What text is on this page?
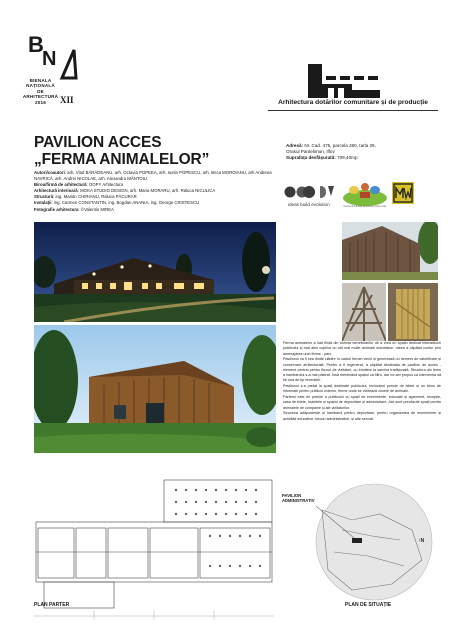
B
N
BIENALA
NAȚIONALĂ
DE
ARHITECTURĂ
2016	XII	Arhitectura dotărilor comunitare și de producție
PAVILION ACCES
„FERMA ANIMALELOR”
Autori/coautori: arh. Vlad BĂRĂDEANU, arh. Octavia POPEEA, arh. Iustin POPESCU, arh. Bnca MOROIANU, arh Andreea NAVRICĂ, arh. Andrei NICOLAE, arh. Alexandru MÂNTOIU
Birou/firmă de arhitectură: OOPY Arhitectura
Arhitectură interioară: MOKA STUDIO DESIGN, arh. Maria MORARU, arh. Raluca NICULICA
Structură: ing. Marian CHIRIANU, Raluca PĂCURAR
Instalații: ing. Carmen CONSTANTIN, ing. Bogdan ANANIA, ing. George CRISTESCU
Fotografie arhitectura: ©Valentin MIREA
Adresă: Nr. Cad. 475, parcela 260, tarla 29,
Orasul Pantelimon, Ilfov
Suprafața desfășurată: 709,40mp
ideas build evolution	Ferma di Animale Bucuresti primim copii

Ferma animalelor a luat ființă din dorința beneficiarilor de a crea un spațiu dedicat interacțiunii publicului și mai ales copiilor cu cât mai multe animale domestice. Ideea a căpătat contur prin amenajarea unei ferme - parc.

Pavilionul va fi cea dintâi clădire în cadrul fermei vechi și generează un demers de valorificare și conservare arhitecturală. Pentru a fi regenerat, a căpătat destinația de pavilion de acces - element central pentru fluxuri de vizitatori, cu trimitere la sarcina tradițională. Structura din lemn a hambarului s-a mai păstrat, însă menținând spațiul ca filtru, dar ne-am propus ca intervenția să fie una de tip reversibil.

Pavilionul s-a pretat la spații destinate publicului, incluzând puncte de bilete și un birou de informații pentru publicul exterior, ferme unde se vizitează zonele de animale.

Parterul este de primire a publicului cu spații de evenimente, educație și agrement, recepție, casa de bilete, toaletele și spațiul de depozitare și administrare. Aici sunt prevăzute spații pentru animalele de companie și ale vizitatorilor.

Structura adăpostește și hambarul pentru depozitare, pentru organizarea de evenimente și activități educative, birouri administrative, și alte servicii.

PAVILION
ADMINISTRATIV
↑N
PLAN PARTER	PLAN DE SITUAȚIE
